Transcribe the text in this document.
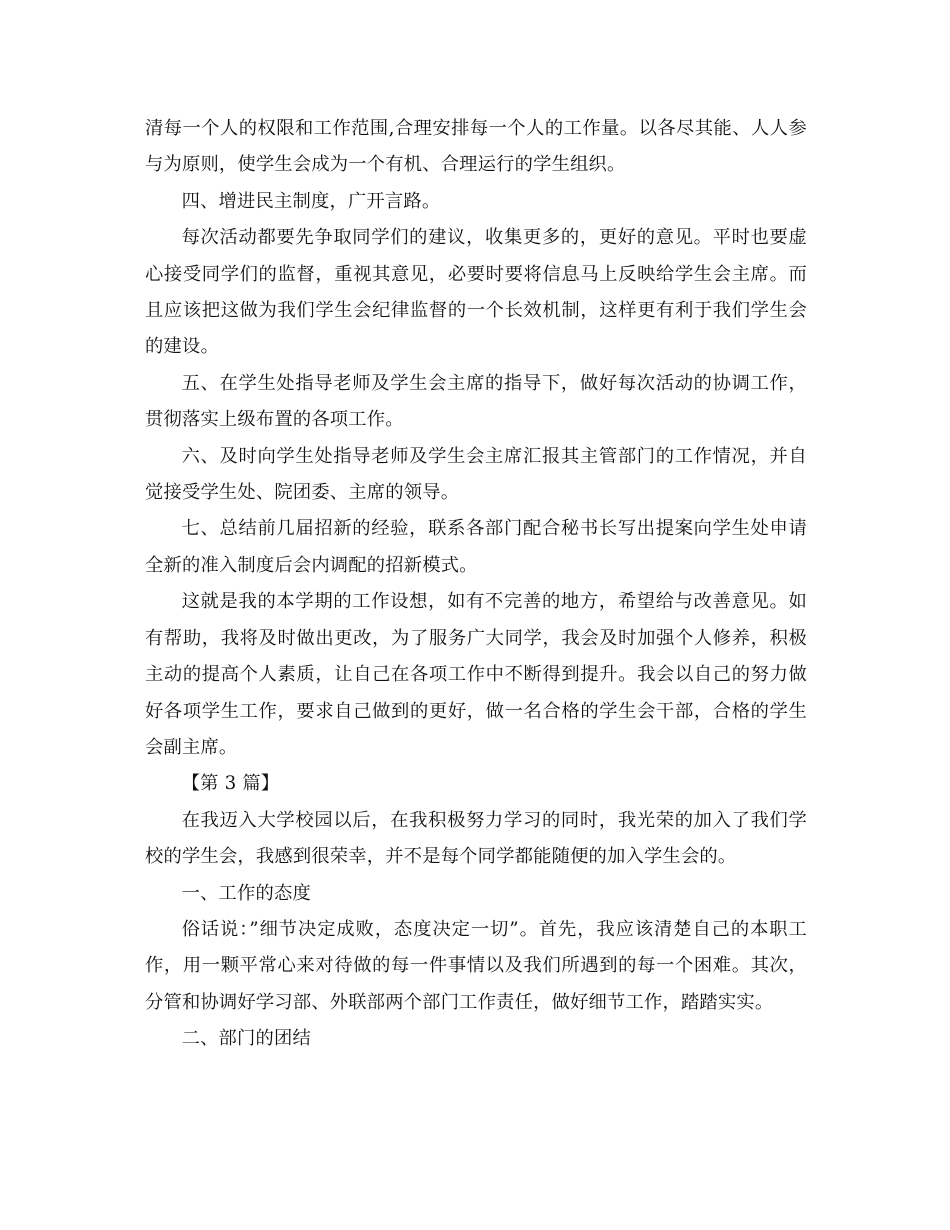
清每一个人的权限和工作范围,合理安排每一个人的工作量。以各尽其能、人人参与为原则，使学生会成为一个有机、合理运行的学生组织。

四、增进民主制度，广开言路。

每次活动都要先争取同学们的建议，收集更多的，更好的意见。平时也要虚心接受同学们的监督，重视其意见，必要时要将信息马上反映给学生会主席。而且应该把这做为我们学生会纪律监督的一个长效机制，这样更有利于我们学生会的建设。

五、在学生处指导老师及学生会主席的指导下，做好每次活动的协调工作，贯彻落实上级布置的各项工作。

六、及时向学生处指导老师及学生会主席汇报其主管部门的工作情况，并自觉接受学生处、院团委、主席的领导。

七、总结前几届招新的经验，联系各部门配合秘书长写出提案向学生处申请全新的准入制度后会内调配的招新模式。

这就是我的本学期的工作设想，如有不完善的地方，希望给与改善意见。如有帮助，我将及时做出更改，为了服务广大同学，我会及时加强个人修养，积极主动的提高个人素质，让自己在各项工作中不断得到提升。我会以自己的努力做好各项学生工作，要求自己做到的更好，做一名合格的学生会干部，合格的学生会副主席。

【第 3 篇】

在我迈入大学校园以后，在我积极努力学习的同时，我光荣的加入了我们学校的学生会，我感到很荣幸，并不是每个同学都能随便的加入学生会的。

一、工作的态度

俗话说：”细节决定成败，态度决定一切”。首先，我应该清楚自己的本职工作，用一颗平常心来对待做的每一件事情以及我们所遇到的每一个困难。其次，分管和协调好学习部、外联部两个部门工作责任，做好细节工作，踏踏实实。

二、部门的团结
